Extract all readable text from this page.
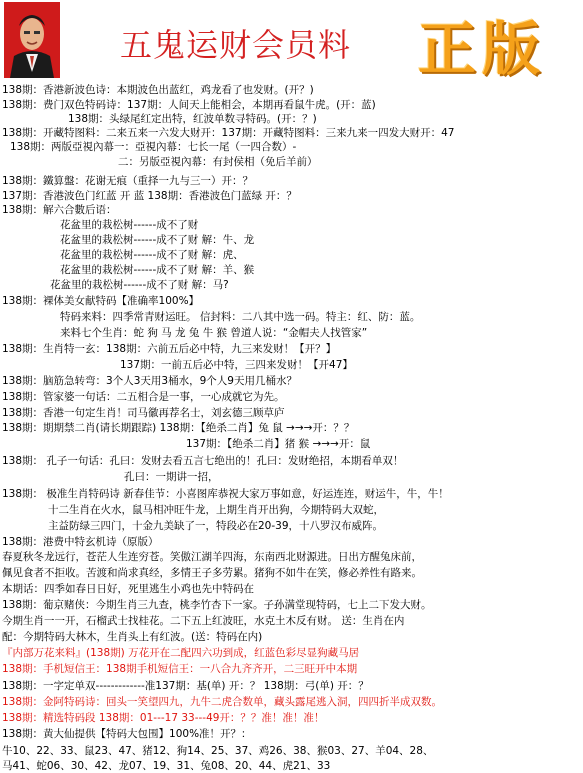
五鬼运财会员料 正版
138期：香港新波色诗：本期波色出蓝红，鸡龙看了也发财。(开？)
138期：费门双色特码诗：137期：人间天上能相会，本期再看鼠牛虎。(开：蓝)
138期：头绿尾红定出特，红波单数寻特码。(开：？)
138期：开藏特图料：二来五来一六发大财开：137期：开藏特图料：三来九来一四发大财开：47
138期：两版亞視內幕一：亞視內幕：七长一尾（一四合数）-
二：另版亞視內幕：有封侯相（免后羊前）
138期：鐵算盤：花谢无痕（重择一九与三一）开：？
137期：香港波色门红蓝 开 蓝 138期：香港波色门蓝绿 开：？
138期：解六合數后语：
花盆里的栽松树------成不了财
花盆里的栽松树------成不了财 解：牛、龙
花盆里的栽松树------成不了财 解：虎、
花盆里的栽松树------成不了财 解：羊、猴
花盆里的栽松树------成不了财 解：马?
138期：裸体美女献特码【准确率100%】
特码来料：四季常青财运旺。 信封料：二八其中选一码。特主：红、防：蓝。
来料七个生肖：蛇 狗 马 龙 兔 牛 猴 曾道人说：“金帽夫人找管家”
138期：生肖特一玄：138期：六前五后必中特，九三来发财！【开？】
137期：一前五后必中特，三四来发财！【开47】
138期：脑筋急转弯：3个人3天用3桶水，9个人9天用几桶水？
138期：管家婆一句话：二五相合是一事，一心成就它为先。
138期：香港一句定生肖！司马徽再荐名士，刘玄德三顾草庐
138期：期期禁二肖(请长期跟踪) 138期：【绝杀二肖】兔 鼠 →→→开：？？
137期：【绝杀二肖】猪 猴 →→→开：鼠
138期： 孔子一句话：孔曰：发财去看五言七绝出的！孔曰：发财绝招，本期看单双！
孔曰：一期讲一招，
138期： 极准生肖特码诗 新春佳节：小喜图库恭祝大家万事如意，好运连连，财运牛，牛，牛！
十二生肖在火水，鼠马相冲旺牛龙，上期生肖开出狗，今期特码大双蛇，
主益防绿三四门，十金九美缺了一，特段必在20-39，十八罗汉布威阵。
138期：港费中特玄机诗（原版）
春夏秋冬龙远行，苍茫人生连穷苍。笑傲江湖羊四海，东南西北财源进。日出方醒兔床前，
佩见食者不拒收。苦渡和尚求真经，多情王子多劳累。猪狗不如牛在笑，修必养性有路来。
本期话：四季如春日日好，死里逃生小鸡也先中特码在
138期：葡京赌侠：今期生肖三九查，桃李竹杏下一家。子孙满堂现特码，七上二下发大财。
今期生肖一一开，石榴武士找桂花。二下五上红波旺，水克土木反有财。 送：生肖在内
配：今期特码大林木，生肖头上有红波。(送：特码在内)
『内部万花来料』(138期) 万花开在二配四六功到成，红蓝色彩尽显狗藏马居
138期：手机短信王：138期手机短信王：一八合九齐齐开，二三旺开中本期
138期：一字定单双-------------准137期：基(单) 开：？ 138期：弓(单) 开：？
138期：金阿特码诗：回头一笑望四九，九牛二虎合数单，藏头露尾逃入洞，四四折半成双数。
138期：精选特码段 138期：01---17 33---49开：？？准！准！准！
138期：黄大仙提供【特码大包围】100%准！开？：
牛10、22、33、鼠23、47、猪12、狗14、25、37、鸡26、38、猴03、27、羊04、28、
马41、蛇06、30、42、龙07、19、31、兔08、20、44、虎21、33
